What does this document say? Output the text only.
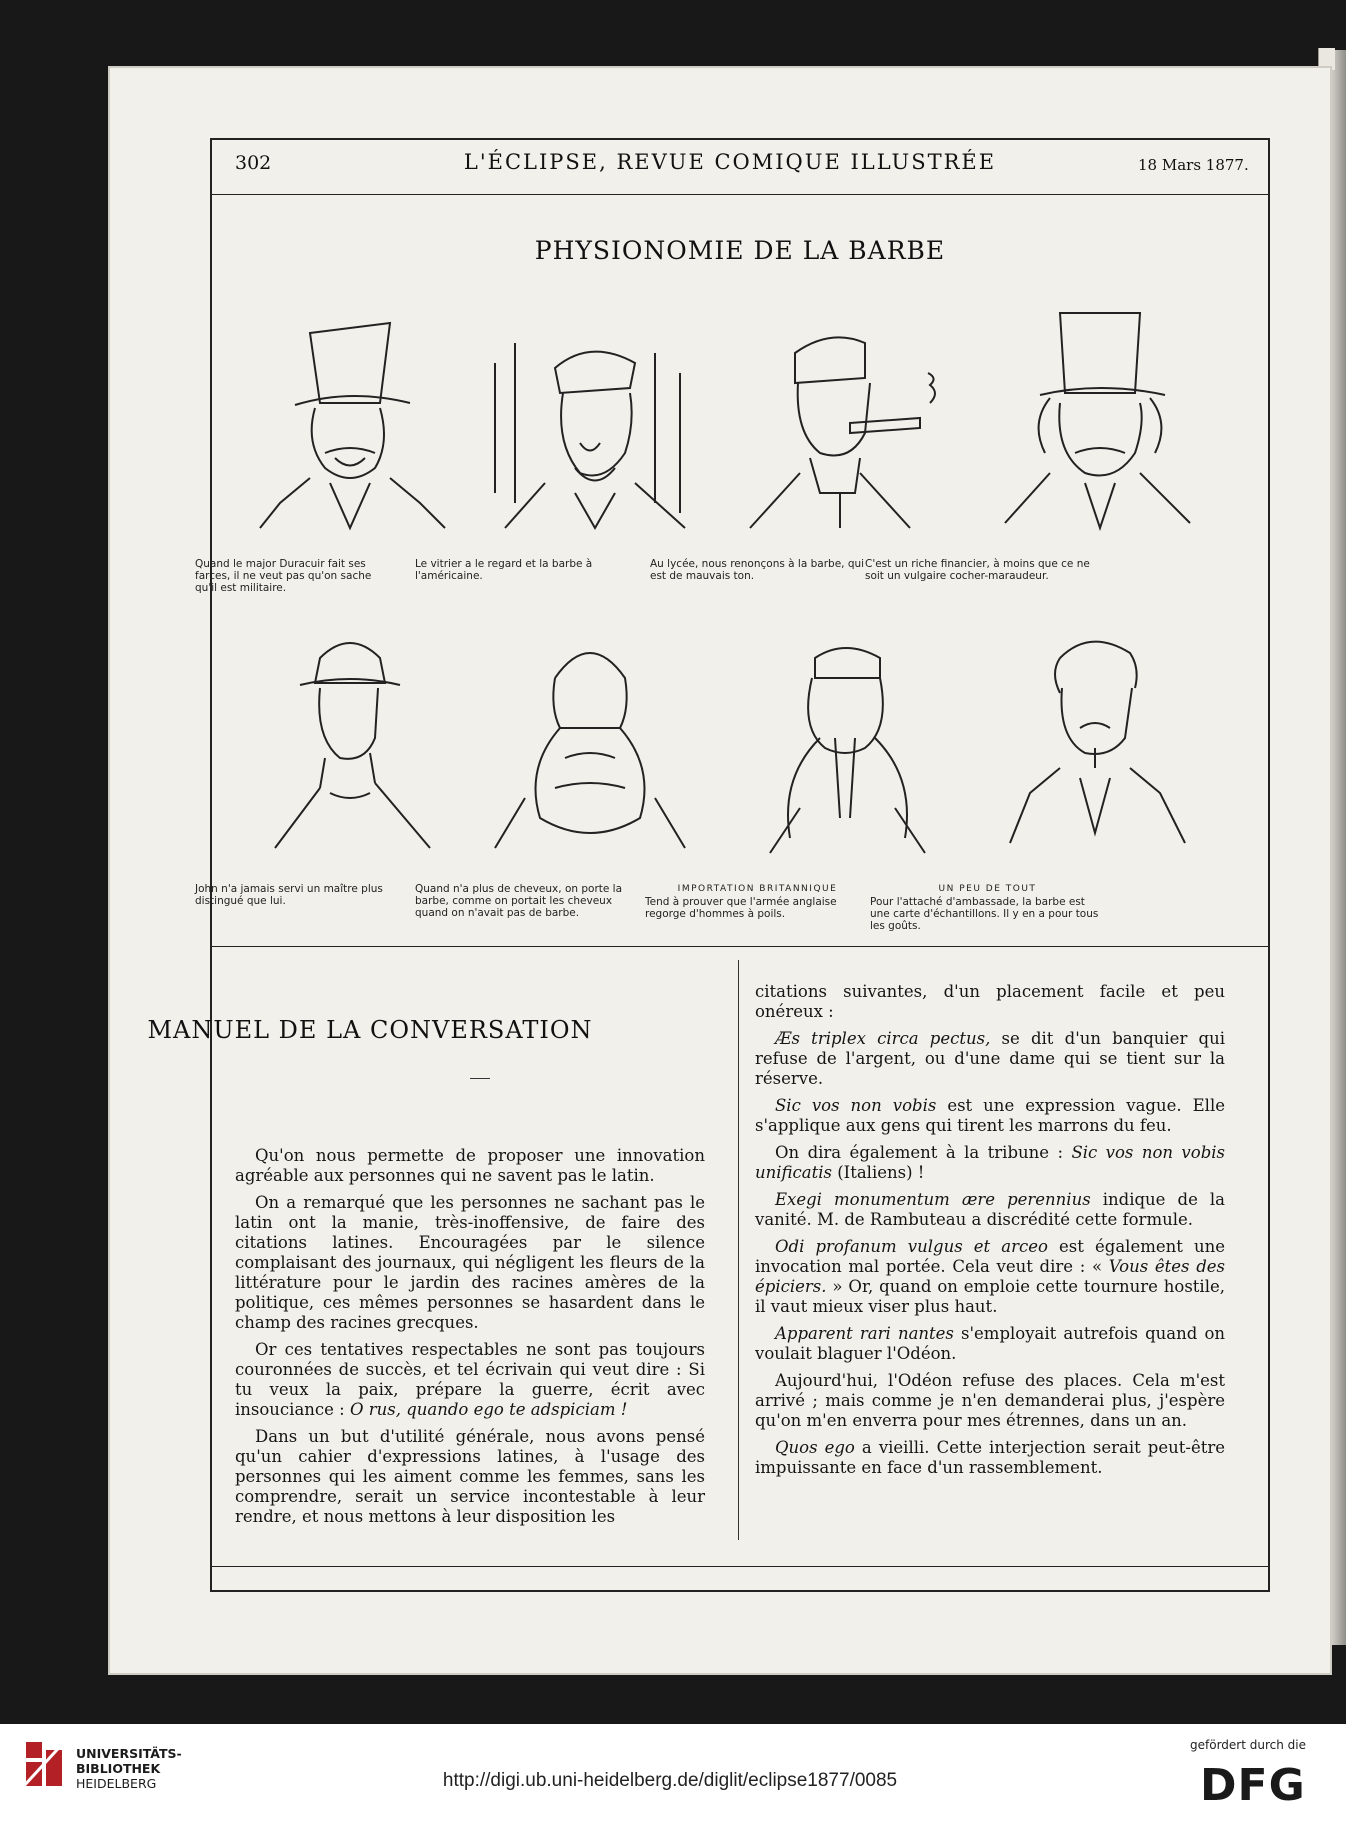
302	L'ÉCLIPSE, REVUE COMIQUE ILLUSTRÉE	18 Mars 1877.
PHYSIONOMIE DE LA BARBE
Quand le major Duracuir fait ses farces, il ne veut pas qu'on sache qu'il est militaire.
Le vitrier a le regard et la barbe à l'américaine.
Au lycée, nous renonçons à la barbe, qui est de mauvais ton.
C'est un riche financier, à moins que ce ne soit un vulgaire cocher-maraudeur.
John n'a jamais servi un maître plus distingué que lui.
Quand n'a plus de cheveux, on porte la barbe, comme on portait les cheveux quand on n'avait pas de barbe.
IMPORTATION BRITANNIQUE
Tend à prouver que l'armée anglaise regorge d'hommes à poils.
UN PEU DE TOUT
Pour l'attaché d'ambassade, la barbe est une carte d'échantillons. Il y en a pour tous les goûts.
MANUEL DE LA CONVERSATION

Qu'on nous permette de proposer une innovation agréable aux personnes qui ne savent pas le latin.

On a remarqué que les personnes ne sachant pas le latin ont la manie, très-inoffensive, de faire des citations latines. Encouragées par le silence complaisant des journaux, qui négligent les fleurs de la littérature pour le jardin des racines amères de la politique, ces mêmes personnes se hasardent dans le champ des racines grecques.

Or ces tentatives respectables ne sont pas toujours couronnées de succès, et tel écrivain qui veut dire : Si tu veux la paix, prépare la guerre, écrit avec insouciance : O rus, quando ego te adspiciam !

Dans un but d'utilité générale, nous avons pensé qu'un cahier d'expressions latines, à l'usage des personnes qui les aiment comme les femmes, sans les comprendre, serait un service incontestable à leur rendre, et nous mettons à leur disposition les

citations suivantes, d'un placement facile et peu onéreux :

Æs triplex circa pectus, se dit d'un banquier qui refuse de l'argent, ou d'une dame qui se tient sur la réserve.

Sic vos non vobis est une expression vague. Elle s'applique aux gens qui tirent les marrons du feu.

On dira également à la tribune : Sic vos non vobis unificatis (Italiens) !

Exegi monumentum ære perennius indique de la vanité. M. de Rambuteau a discrédité cette formule.

Odi profanum vulgus et arceo est également une invocation mal portée. Cela veut dire : « Vous êtes des épiciers. » Or, quand on emploie cette tournure hostile, il vaut mieux viser plus haut.

Apparent rari nantes s'employait autrefois quand on voulait blaguer l'Odéon.

Aujourd'hui, l'Odéon refuse des places. Cela m'est arrivé ; mais comme je n'en demanderai plus, j'espère qu'on m'en enverra pour mes étrennes, dans un an.

Quos ego a vieilli. Cette interjection serait peut-être impuissante en face d'un rassemblement.

UNIVERSITÄTS-
BIBLIOTHEK
HEIDELBERG	http://digi.ub.uni-heidelberg.de/diglit/eclipse1877/0085
gefördert durch die
DFG
